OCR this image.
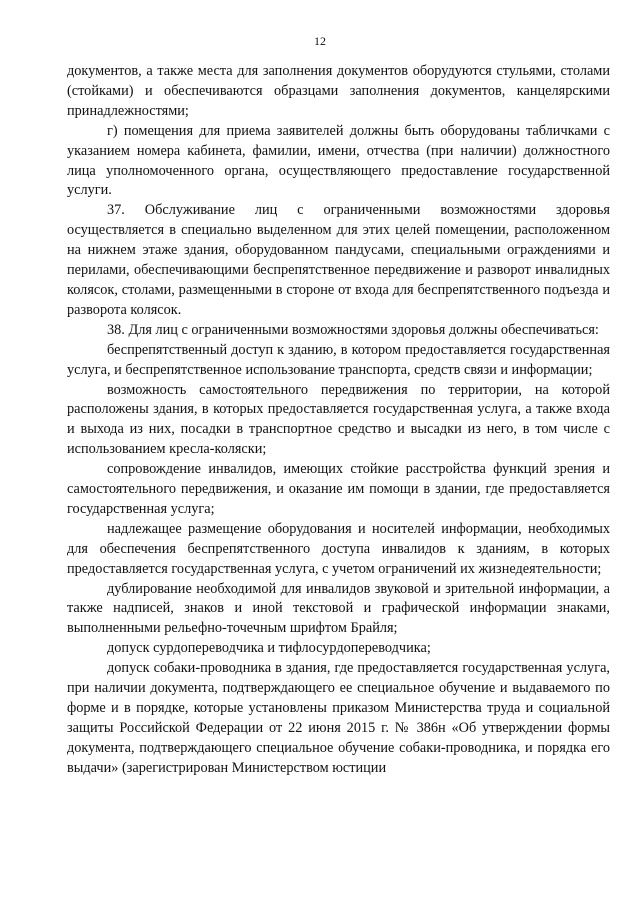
12

документов, а также места для заполнения документов оборудуются стульями, столами (стойками) и обеспечиваются образцами заполнения документов, канцелярскими принадлежностями;

г) помещения для приема заявителей должны быть оборудованы табличками с указанием номера кабинета, фамилии, имени, отчества (при наличии) должностного лица уполномоченного органа, осуществляющего предоставление государственной услуги.

37. Обслуживание лиц с ограниченными возможностями здоровья осуществляется в специально выделенном для этих целей помещении, расположенном на нижнем этаже здания, оборудованном пандусами, специальными ограждениями и перилами, обеспечивающими беспрепятственное передвижение и разворот инвалидных колясок, столами, размещенными в стороне от входа для беспрепятственного подъезда и разворота колясок.

38. Для лиц с ограниченными возможностями здоровья должны обеспечиваться:

беспрепятственный доступ к зданию, в котором предоставляется государственная услуга, и беспрепятственное использование транспорта, средств связи и информации;

возможность самостоятельного передвижения по территории, на которой расположены здания, в которых предоставляется государственная услуга, а также входа и выхода из них, посадки в транспортное средство и высадки из него, в том числе с использованием кресла-коляски;

сопровождение инвалидов, имеющих стойкие расстройства функций зрения и самостоятельного передвижения, и оказание им помощи в здании, где предоставляется государственная услуга;

надлежащее размещение оборудования и носителей информации, необходимых для обеспечения беспрепятственного доступа инвалидов к зданиям, в которых предоставляется государственная услуга, с учетом ограничений их жизнедеятельности;

дублирование необходимой для инвалидов звуковой и зрительной информации, а также надписей, знаков и иной текстовой и графической информации знаками, выполненными рельефно-точечным шрифтом Брайля;

допуск сурдопереводчика и тифлосурдопереводчика;

допуск собаки-проводника в здания, где предоставляется государственная услуга, при наличии документа, подтверждающего ее специальное обучение и выдаваемого по форме и в порядке, которые установлены приказом Министерства труда и социальной защиты Российской Федерации от 22 июня 2015 г. № 386н «Об утверждении формы документа, подтверждающего специальное обучение собаки-проводника, и порядка его выдачи» (зарегистрирован Министерством юстиции
